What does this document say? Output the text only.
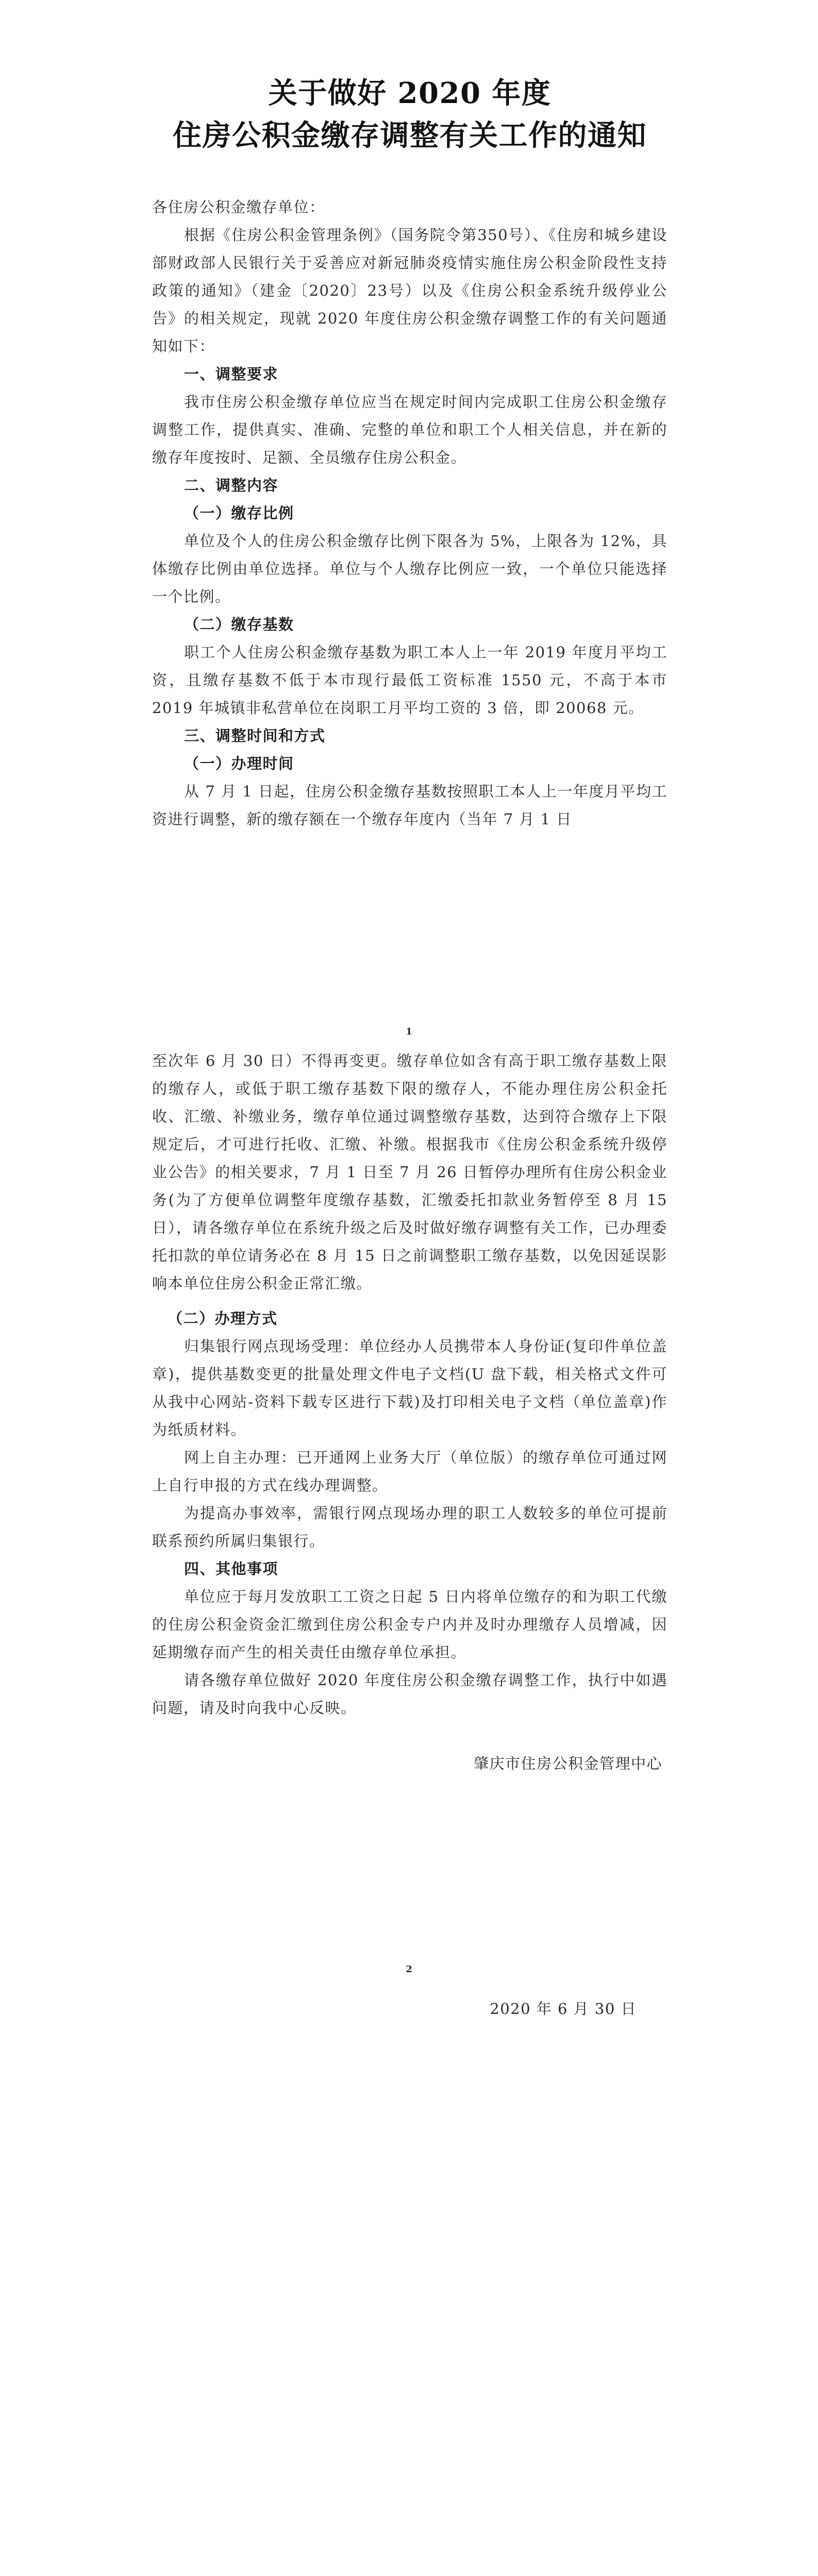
关于做好 2020 年度

住房公积金缴存调整有关工作的通知

各住房公积金缴存单位：

根据《住房公积金管理条例》（国务院令第350号）、《住房和城乡建设部财政部人民银行关于妥善应对新冠肺炎疫情实施住房公积金阶段性支持政策的通知》（建金〔2020〕23号）以及《住房公积金系统升级停业公告》的相关规定，现就 2020 年度住房公积金缴存调整工作的有关问题通知如下：

一、调整要求

我市住房公积金缴存单位应当在规定时间内完成职工住房公积金缴存调整工作，提供真实、准确、完整的单位和职工个人相关信息，并在新的缴存年度按时、足额、全员缴存住房公积金。

二、调整内容

（一）缴存比例

单位及个人的住房公积金缴存比例下限各为 5%，上限各为 12%，具体缴存比例由单位选择。单位与个人缴存比例应一致，一个单位只能选择一个比例。

（二）缴存基数

职工个人住房公积金缴存基数为职工本人上一年 2019 年度月平均工资，且缴存基数不低于本市现行最低工资标准 1550 元，不高于本市 2019 年城镇非私营单位在岗职工月平均工资的 3 倍，即 20068 元。

三、调整时间和方式

（一）办理时间

从 7 月 1 日起，住房公积金缴存基数按照职工本人上一年度月平均工资进行调整，新的缴存额在一个缴存年度内（当年 7 月 1 日

1

至次年 6 月 30 日）不得再变更。缴存单位如含有高于职工缴存基数上限的缴存人，或低于职工缴存基数下限的缴存人，不能办理住房公积金托收、汇缴、补缴业务，缴存单位通过调整缴存基数，达到符合缴存上下限规定后，才可进行托收、汇缴、补缴。根据我市《住房公积金系统升级停业公告》的相关要求，7 月 1 日至 7 月 26 日暂停办理所有住房公积金业务(为了方便单位调整年度缴存基数，汇缴委托扣款业务暂停至 8 月 15 日），请各缴存单位在系统升级之后及时做好缴存调整有关工作，已办理委托扣款的单位请务必在 8 月 15 日之前调整职工缴存基数，以免因延误影响本单位住房公积金正常汇缴。

（二）办理方式

归集银行网点现场受理：单位经办人员携带本人身份证(复印件单位盖章)，提供基数变更的批量处理文件电子文档(U 盘下载，相关格式文件可从我中心网站-资料下载专区进行下载)及打印相关电子文档（单位盖章)作为纸质材料。

网上自主办理：已开通网上业务大厅（单位版）的缴存单位可通过网上自行申报的方式在线办理调整。

为提高办事效率，需银行网点现场办理的职工人数较多的单位可提前联系预约所属归集银行。

四、其他事项

单位应于每月发放职工工资之日起 5 日内将单位缴存的和为职工代缴的住房公积金资金汇缴到住房公积金专户内并及时办理缴存人员增减，因延期缴存而产生的相关责任由缴存单位承担。

请各缴存单位做好 2020 年度住房公积金缴存调整工作，执行中如遇问题，请及时向我中心反映。

肇庆市住房公积金管理中心

2

2020 年 6 月 30 日
